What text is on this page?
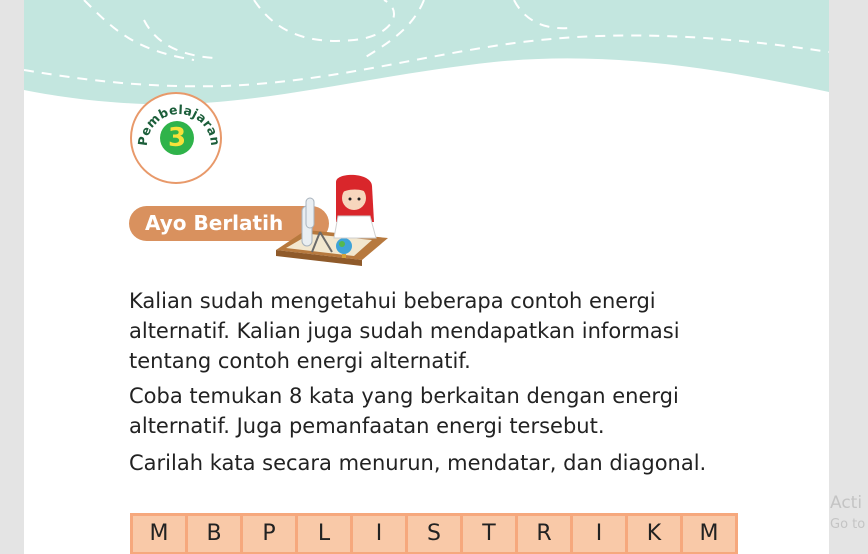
Pembelajaran
3
Ayo Berlatih

Kalian sudah mengetahui beberapa contoh energi alternatif. Kalian juga sudah mendapatkan informasi tentang contoh energi alternatif.

Coba temukan 8 kata yang berkaitan dengan energi alternatif. Juga pemanfaatan energi tersebut.

Carilah kata secara menurun, mendatar, dan diagonal.

M	B	P	L	I	S	T	R	I	K	M
Acti
Go to
